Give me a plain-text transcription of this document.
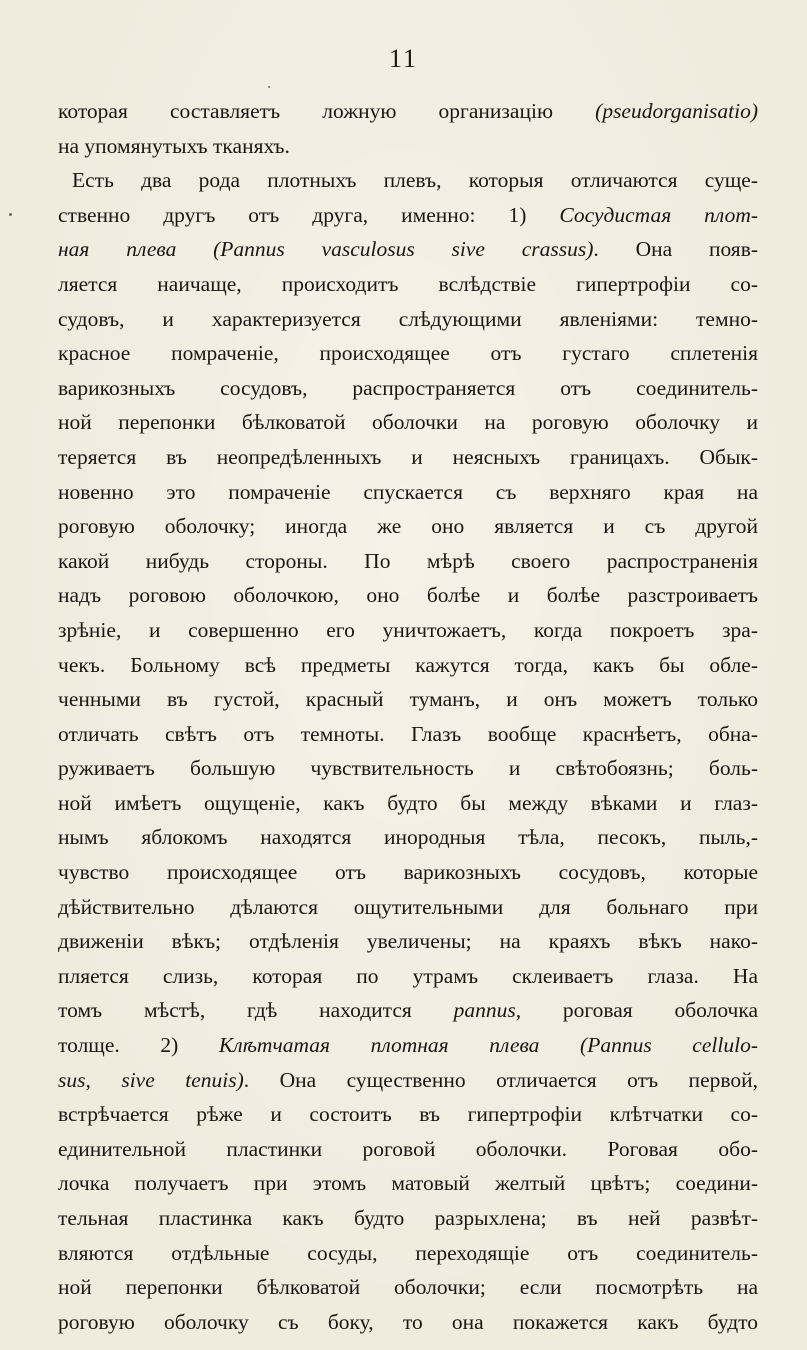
11
которая составляетъ ложную организацію (pseudorganisatio)
на упомянутыхъ тканяхъ.
Есть два рода плотныхъ плевъ, которыя отличаются суще-
ственно другъ отъ друга, именно: 1) Сосудистая плот-
ная плева (Pannus vasculosus sive crassus). Она появ-
ляется наичаще, происходитъ вслѣдствіе гипертрофіи со-
судовъ, и характеризуется слѣдующими явленіями: темно-
красное помраченіе, происходящее отъ густаго сплетенія
варикозныхъ сосудовъ, распространяется отъ соединитель-
ной перепонки бѣлковатой оболочки на роговую оболочку и
теряется въ неопредѣленныхъ и неясныхъ границахъ. Обык-
новенно это помраченіе спускается съ верхняго края на
роговую оболочку; иногда же оно является и съ другой
какой нибудь стороны. По мѣрѣ своего распространенія
надъ роговою оболочкою, оно болѣе и болѣе разстроиваетъ
зрѣніе, и совершенно его уничтожаетъ, когда покроетъ зра-
чекъ. Больному всѣ предметы кажутся тогда, какъ бы обле-
ченными въ густой, красный туманъ, и онъ можетъ только
отличать свѣтъ отъ темноты. Глазъ вообще краснѣетъ, обна-
руживаетъ большую чувствительность и свѣтобоязнь; боль-
ной имѣетъ ощущеніе, какъ будто бы между вѣками и глаз-
нымъ яблокомъ находятся инородныя тѣла, песокъ, пыль,-
чувство происходящее отъ варикозныхъ сосудовъ, которые
дѣйствительно дѣлаются ощутительными для больнаго при
движеніи вѣкъ; отдѣленія увеличены; на краяхъ вѣкъ нако-
пляется слизь, которая по утрамъ склеиваетъ глаза. На
томъ мѣстѣ, гдѣ находится pannus, роговая оболочка
толще. 2) Клѣтчатая плотная плева (Pannus cellulo-
sus, sive tenuis). Она существенно отличается отъ первой,
встрѣчается рѣже и состоитъ въ гипертрофіи клѣтчатки со-
единительной пластинки роговой оболочки. Роговая обо-
лочка получаетъ при этомъ матовый желтый цвѣтъ; соедини-
тельная пластинка какъ будто разрыхлена; въ ней развѣт-
вляются отдѣльные сосуды, переходящіе отъ соединитель-
ной перепонки бѣлковатой оболочки; если посмотрѣть на
роговую оболочку съ боку, то она покажется какъ будто
